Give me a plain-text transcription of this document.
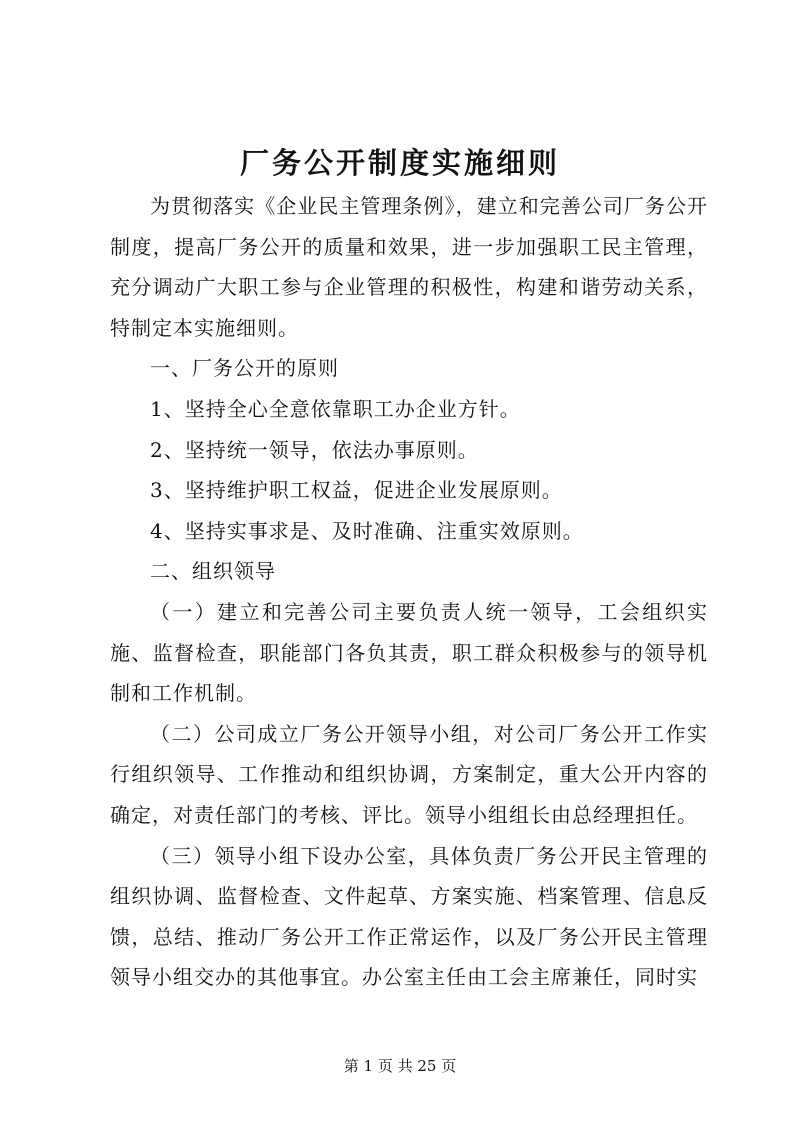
厂务公开制度实施细则

为贯彻落实《企业民主管理条例》，建立和完善公司厂务公开制度，提高厂务公开的质量和效果，进一步加强职工民主管理，充分调动广大职工参与企业管理的积极性，构建和谐劳动关系，特制定本实施细则。

一、厂务公开的原则

1、坚持全心全意依靠职工办企业方针。

2、坚持统一领导，依法办事原则。

3、坚持维护职工权益，促进企业发展原则。

4、坚持实事求是、及时准确、注重实效原则。

二、组织领导

（一）建立和完善公司主要负责人统一领导，工会组织实施、监督检查，职能部门各负其责，职工群众积极参与的领导机制和工作机制。

（二）公司成立厂务公开领导小组，对公司厂务公开工作实行组织领导、工作推动和组织协调，方案制定，重大公开内容的确定，对责任部门的考核、评比。领导小组组长由总经理担任。

（三）领导小组下设办公室，具体负责厂务公开民主管理的组织协调、监督检查、文件起草、方案实施、档案管理、信息反馈，总结、推动厂务公开工作正常运作，以及厂务公开民主管理领导小组交办的其他事宜。办公室主任由工会主席兼任，同时实

第 1 页 共 25 页
